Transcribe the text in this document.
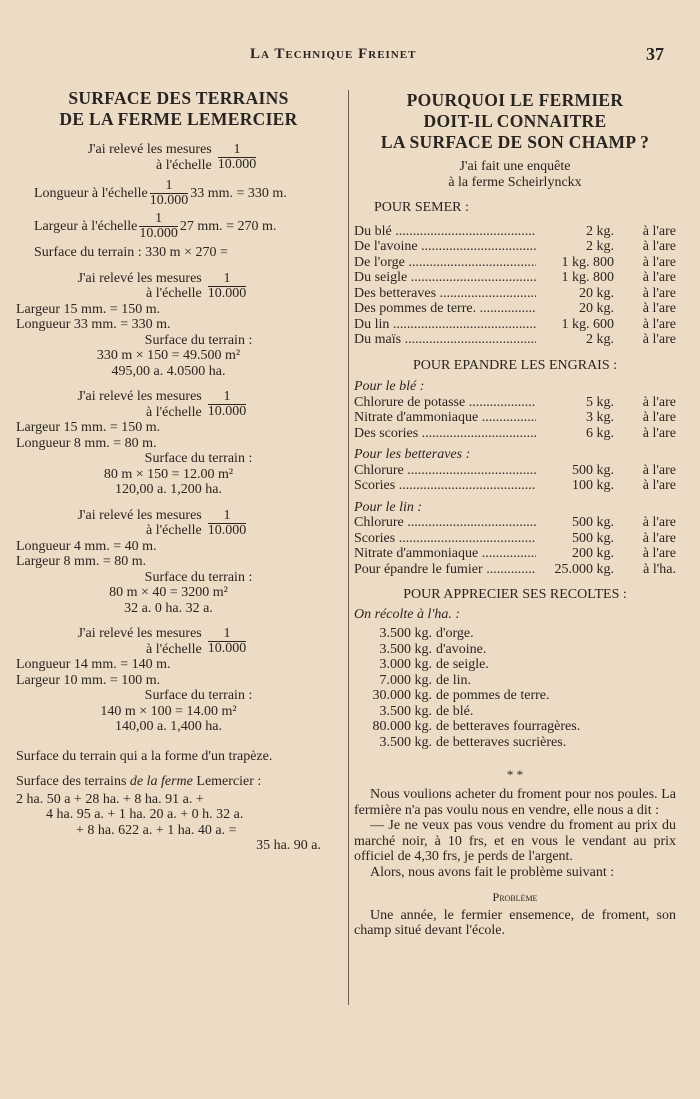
La Technique Freinet	37
SURFACE DES TERRAINS
DE LA FERME LEMERCIER
J'ai relevé les mesures
à l'échelle $\frac{1}{10.000}$
Longueur à l'échelle $\frac{1}{10.000} 33$ mm. = 330 m.
Largeur à l'échelle $\frac{1}{10.000} 27$ mm. = 270 m.
Surface du terrain : 330 m × 270 =
J'ai relevé les mesures
à l'échelle $\frac{1}{10.000}$
Largeur 15 mm. = 150 m.
Longueur 33 mm. = 330 m.
Surface du terrain :
330 m × 150 = 49.500 m²
495,00 a. 4.0500 ha.
J'ai relevé les mesures
à l'échelle $\frac{1}{10.000}$
Largeur 15 mm. = 150 m.
Longueur 8 mm. = 80 m.
Surface du terrain :
80 m × 150 = 12.00 m²
120,00 a. 1,200 ha.
J'ai relevé les mesures
à l'échelle $\frac{1}{10.000}$
Longueur 4 mm. = 40 m.
Largeur 8 mm. = 80 m.
Surface du terrain :
80 m × 40 = 3200 m²
32 a. 0 ha. 32 a.
J'ai relevé les mesures
à l'échelle $\frac{1}{10.000}$
Longueur 14 mm. = 140 m.
Largeur 10 mm. = 100 m.
Surface du terrain :
140 m × 100 = 14.00 m²
140,00 a. 1,400 ha.
Surface du terrain qui a la forme d'un trapèze.
Surface des terrains de la ferme Lemercier :
2 ha. 50 a + 28 ha. + 8 ha. 91 a. +
4 ha. 95 a. + 1 ha. 20 a. + 0 h. 32 a.
+ 8 ha. 622 a. + 1 ha. 40 a. =
35 ha. 90 a.
POURQUOI LE FERMIER
DOIT-IL CONNAITRE
LA SURFACE DE SON CHAMP ?
J'ai fait une enquête
à la ferme Scheirlynckx
POUR SEMER :
Du blé .....	2 kg.	à l'are
De l'avoine .....	2 kg.	à l'are
De l'orge .....	1 kg. 800	à l'are
Du seigle .....	1 kg. 800	à l'are
Des betteraves .....	20 kg.	à l'are
Des pommes de terre. .....	20 kg.	à l'are
Du lin .....	1 kg. 600	à l'are
Du maïs .....	2 kg.	à l'are
POUR EPANDRE LES ENGRAIS :
Pour le blé :
Chlorure de potasse .....	5 kg.	à l'are
Nitrate d'ammoniaque .....	3 kg.	à l'are
Des scories .....	6 kg.	à l'are
Pour les betteraves :
Chlorure .....	500 kg.	à l'are
Scories .....	100 kg.	à l'are
Pour le lin :
Chlorure .....	500 kg.	à l'are
Scories .....	500 kg.	à l'are
Nitrate d'ammoniaque .....	200 kg.	à l'are
Pour épandre le fumier .....	25.000 kg.	à l'ha.
POUR APPRECIER SES RECOLTES :
On récolte à l'ha. :
3.500 kg. d'orge.
3.500 kg. d'avoine.
3.000 kg. de seigle.
7.000 kg. de lin.
30.000 kg. de pommes de terre.
3.500 kg. de blé.
80.000 kg. de betteraves fourragères.
3.500 kg. de betteraves sucrières.
* *
Nous voulions acheter du froment pour nos poules. La fermière n'a pas voulu nous en vendre, elle nous a dit :
— Je ne veux pas vous vendre du froment au prix du marché noir, à 10 frs, et en vous le vendant au prix officiel de 4,30 frs, je perds de l'argent.
Alors, nous avons fait le problème suivant :
Problème
Une année, le fermier ensemence, de froment, son champ situé devant l'école.
